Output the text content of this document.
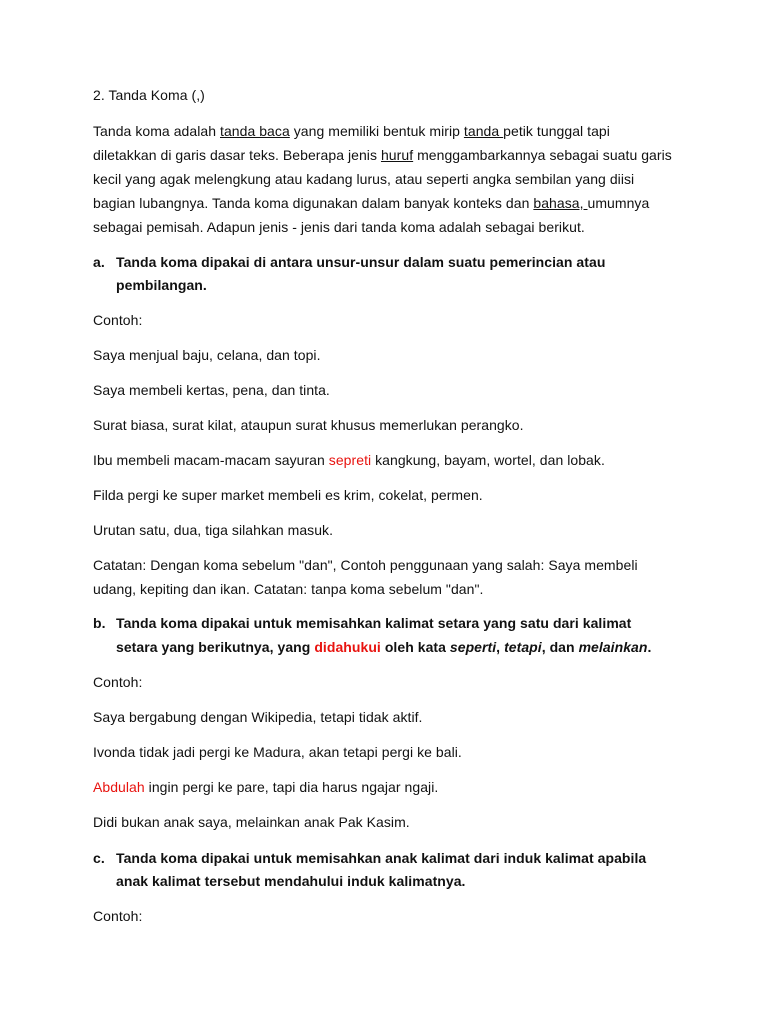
2. Tanda Koma (,)

Tanda koma adalah tanda baca yang memiliki bentuk mirip tanda petik tunggal tapi

diletakkan di garis dasar teks. Beberapa jenis huruf menggambarkannya sebagai suatu garis

kecil yang agak melengkung atau kadang lurus, atau seperti angka sembilan yang diisi

bagian lubangnya. Tanda koma digunakan dalam banyak konteks dan bahasa, umumnya

sebagai pemisah. Adapun jenis - jenis dari tanda koma adalah sebagai berikut.

a. Tanda koma dipakai di antara unsur-unsur dalam suatu pemerincian atau
pembilangan.

Contoh:

Saya menjual baju, celana, dan topi.

Saya membeli kertas, pena, dan tinta.

Surat biasa, surat kilat, ataupun surat khusus memerlukan perangko.

Ibu membeli macam-macam sayuran sepreti kangkung, bayam, wortel, dan lobak.

Filda pergi ke super market membeli es krim, cokelat, permen.

Urutan satu, dua, tiga silahkan masuk.

Catatan: Dengan koma sebelum "dan", Contoh penggunaan yang salah: Saya membeli

udang, kepiting dan ikan. Catatan: tanpa koma sebelum "dan".

b. Tanda koma dipakai untuk memisahkan kalimat setara yang satu dari kalimat
setara yang berikutnya, yang didahukui oleh kata seperti, tetapi, dan melainkan.

Contoh:

Saya bergabung dengan Wikipedia, tetapi tidak aktif.

Ivonda tidak jadi pergi ke Madura, akan tetapi pergi ke bali.

Abdulah ingin pergi ke pare, tapi dia harus ngajar ngaji.

Didi bukan anak saya, melainkan anak Pak Kasim.

c. Tanda koma dipakai untuk memisahkan anak kalimat dari induk kalimat apabila
anak kalimat tersebut mendahului induk kalimatnya.

Contoh:
